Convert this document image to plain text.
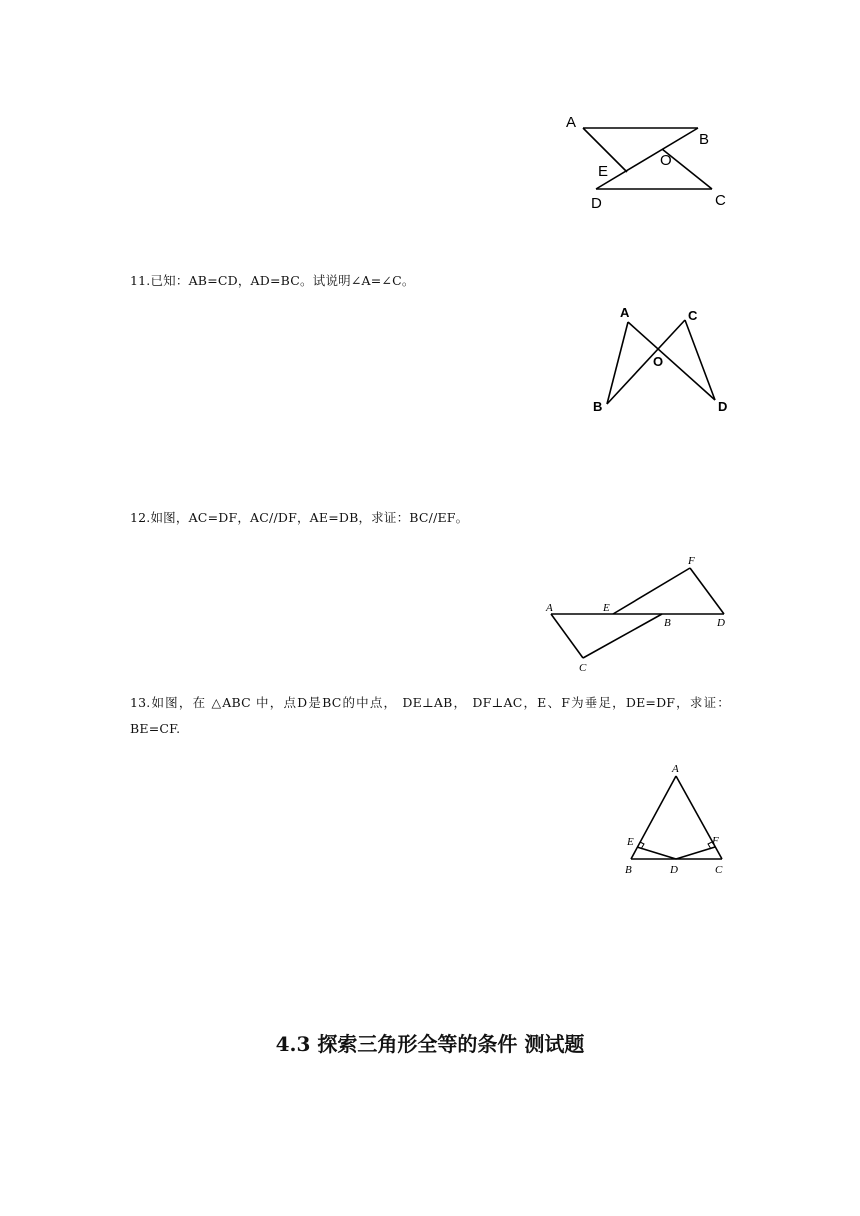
A
B
O
E
D	C
11.已知：AB=CD，AD=BC。试说明∠A=∠C。
A	C
O
B	D
12.如图，AC=DF，AC//DF，AE=DB，求证：BC//EF。
F
A	E
B	D
C
13.如图，在 △ABC 中，点D是BC的中点， DE⊥AB， DF⊥AC，E、F为垂足，DE=DF，求证： BE=CF.
A
E	F
B	D	C
4.3 探索三角形全等的条件 测试题
